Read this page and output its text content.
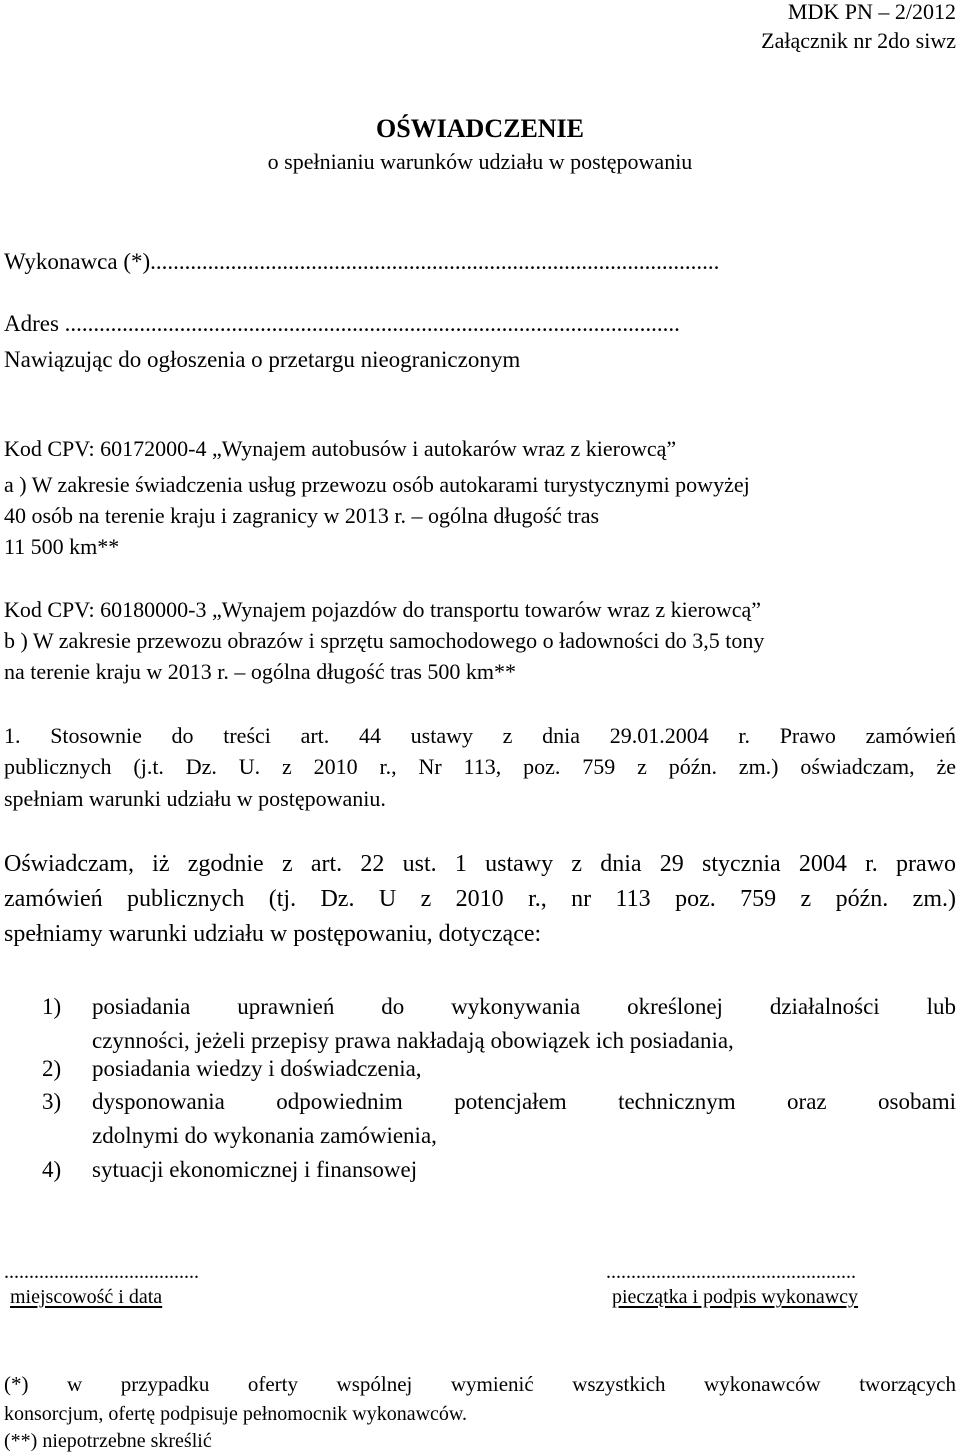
MDK PN – 2/2012
Załącznik nr 2do siwz
OŚWIADCZENIE
o spełnianiu warunków udziału w postępowaniu
Wykonawca (*)...................................................................................................
Adres ...........................................................................................................
Nawiązując do ogłoszenia o przetargu nieograniczonym
Kod CPV: 60172000-4 „Wynajem autobusów i autokarów wraz z kierowcą”
a ) W zakresie świadczenia usług przewozu osób autokarami turystycznymi powyżej
40 osób na terenie kraju i zagranicy w 2013 r. – ogólna długość tras
11 500 km**
Kod CPV: 60180000-3 „Wynajem pojazdów do transportu towarów wraz z kierowcą”
b ) W zakresie przewozu obrazów i sprzętu samochodowego o ładowności do 3,5 tony
na terenie kraju w 2013 r. – ogólna długość tras 500 km**
1. Stosownie do treści art. 44 ustawy z dnia 29.01.2004 r. Prawo zamówień
publicznych (j.t. Dz. U. z 2010 r., Nr 113, poz. 759 z późn. zm.) oświadczam, że
spełniam warunki udziału w postępowaniu.
Oświadczam, iż zgodnie z art. 22 ust. 1 ustawy z dnia 29 stycznia 2004 r. prawo
zamówień publicznych (tj. Dz. U z 2010 r., nr 113 poz. 759 z późn. zm.)
spełniamy warunki udziału w postępowaniu, dotyczące:
1) posiadania uprawnień do wykonywania określonej działalności lub
czynności, jeżeli przepisy prawa nakładają obowiązek ich posiadania,
2) posiadania wiedzy i doświadczenia,
3) dysponowania odpowiednim potencjałem technicznym oraz osobami
zdolnymi do wykonania zamówienia,
4) sytuacji ekonomicznej i finansowej
.......................................
miejscowość i data
..................................................
pieczątka i podpis wykonawcy
(*) w przypadku oferty wspólnej wymienić wszystkich wykonawców tworzących
konsorcjum, ofertę podpisuje pełnomocnik wykonawców.
(**) niepotrzebne skreślić
